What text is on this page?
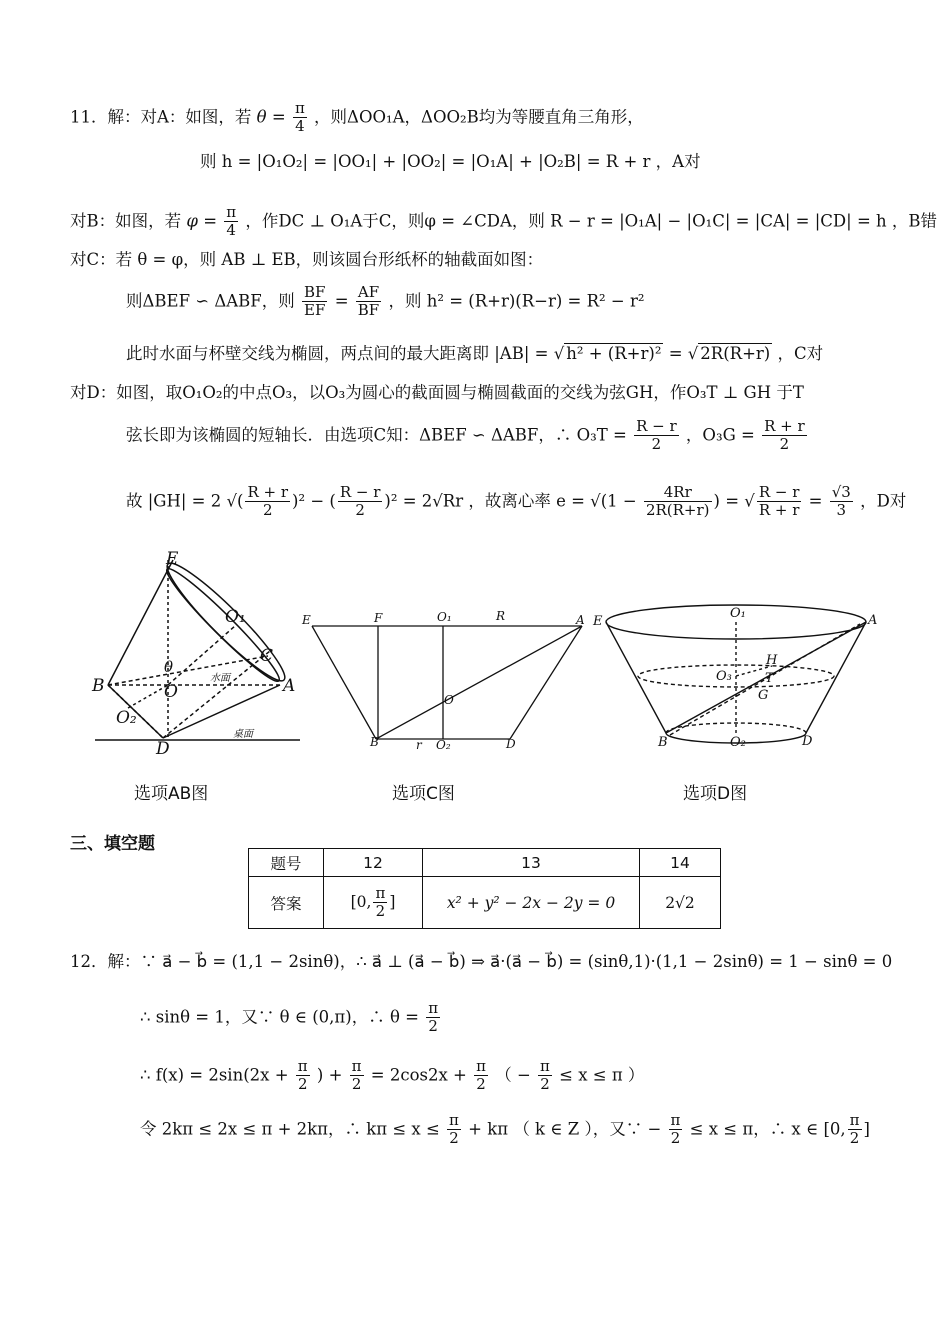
11．解：对A：如图，若 $\theta = \frac{\pi}{4}$ ，则ΔOO₁A，ΔOO₂B均为等腰直角三角形，
则 h = |O₁O₂| = |OO₁| + |OO₂| = |O₁A| + |O₂B| = R + r ，A对
对B：如图，若 $\varphi = \frac{\pi}{4}$ ，作DC ⊥ O₁A于C，则φ = ∠CDA，则 R − r = |O₁A| − |O₁C| = |CA| = |CD| = h ，B错
对C：若 θ = φ，则 AB ⊥ EB，则该圆台形纸杯的轴截面如图：
则ΔBEF ∽ ΔABF，则 $\frac{BF}{EF} = \frac{AF}{BF}$ ，则 h² = (R+r)(R−r) = R² − r²
此时水面与杯壁交线为椭圆，两点间的最大距离即 |AB| = √ h² + (R+r)² = √ 2R(R+r) ，C对
对D：如图，取O₁O₂的中点O₃，以O₃为圆心的截面圆与椭圆截面的交线为弦GH，作O₃T ⊥ GH 于T
弦长即为该椭圆的短轴长．由选项C知：ΔBEF ∽ ΔABF，∴ $O_3T = \frac{R - r}{2}$ ，$O_3G = \frac{R + r}{2}$
故 |GH| = 2 √( $\frac{R + r}{2} )^2$ − ( $\frac{R - r}{2} )^2 = 2√Rr$ ，故离心率 $e = √(1 - \frac{4Rr}{2R(R+r)}$ ) = √ $\frac{R - r}{R + r} = \frac{√3}{3}$ ，D对
E
O₁
C
θ
B	O
水面	A
O₂
D
桌面
E	F	O₁	R	A
O
B	r O₂	D
E
O₁	A
H
O₃	T
G
B	O₂	D
选项AB图	选项C图	选项D图
三、填空题
题号	12	13	14
答案	[0, $\frac{\pi}{2}$ ]	x² + y² − 2x − 2y = 0	2√2
12．解：∵ a⃗ − b⃗ = (1,1 − 2sinθ)，∴ a⃗ ⊥ (a⃗ − b⃗) ⇒ a⃗·(a⃗ − b⃗) = (sinθ,1)·(1,1 − 2sinθ) = 1 − sinθ = 0
∴ sinθ = 1，又∵ θ ∈ (0,π)，∴ $\theta = \frac{\pi}{2}$
∴ $f(x) = 2\sin(2x + \frac{\pi}{2}$ ) + $\frac{\pi}{2} = 2\cos 2x + \frac{\pi}{2}$ （ − $\frac{\pi}{2} \le x \le \pi$ ）
令 2kπ ≤ 2x ≤ π + 2kπ，∴ $k\pi \le x \le \frac{\pi}{2} + k\pi$ （ k ∈ Z ），又∵ − $\frac{\pi}{2} \le x \le \pi$，∴ x ∈ [0, $\frac{\pi}{2}$ ]
